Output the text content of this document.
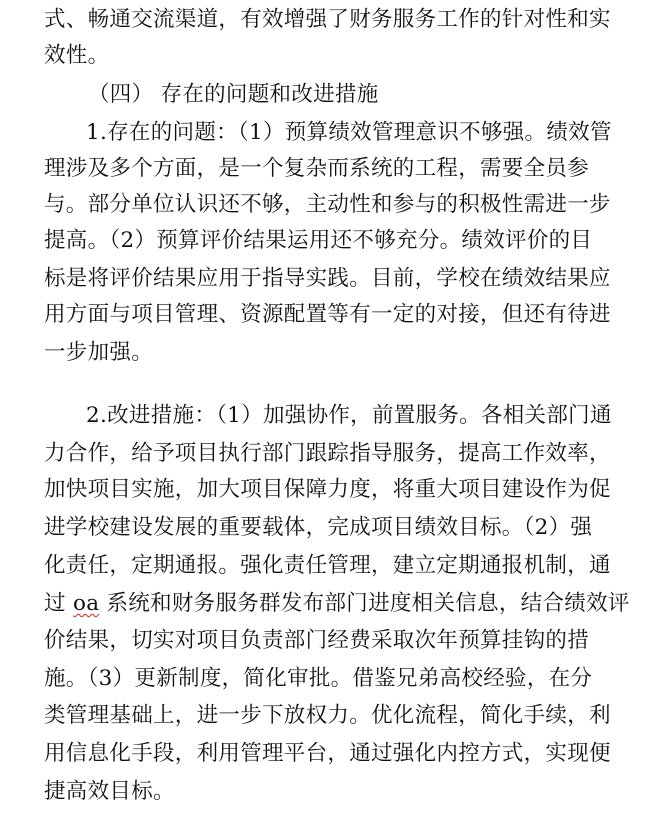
式、畅通交流渠道，有效增强了财务服务工作的针对性和实
效性。
（四） 存在的问题和改进措施
1.存在的问题：（1）预算绩效管理意识不够强。绩效管
理涉及多个方面，是一个复杂而系统的工程，需要全员参
与。部分单位认识还不够，主动性和参与的积极性需进一步
提高。（2）预算评价结果运用还不够充分。绩效评价的目
标是将评价结果应用于指导实践。目前，学校在绩效结果应
用方面与项目管理、资源配置等有一定的对接，但还有待进
一步加强。
2.改进措施：（1）加强协作，前置服务。各相关部门通
力合作，给予项目执行部门跟踪指导服务，提高工作效率，
加快项目实施，加大项目保障力度，将重大项目建设作为促
进学校建设发展的重要载体，完成项目绩效目标。（2）强
化责任，定期通报。强化责任管理，建立定期通报机制，通
过 oa 系统和财务服务群发布部门进度相关信息，结合绩效评
价结果，切实对项目负责部门经费采取次年预算挂钩的措
施。（3）更新制度，简化审批。借鉴兄弟高校经验，在分
类管理基础上，进一步下放权力。优化流程，简化手续，利
用信息化手段，利用管理平台，通过强化内控方式，实现便
捷高效目标。
